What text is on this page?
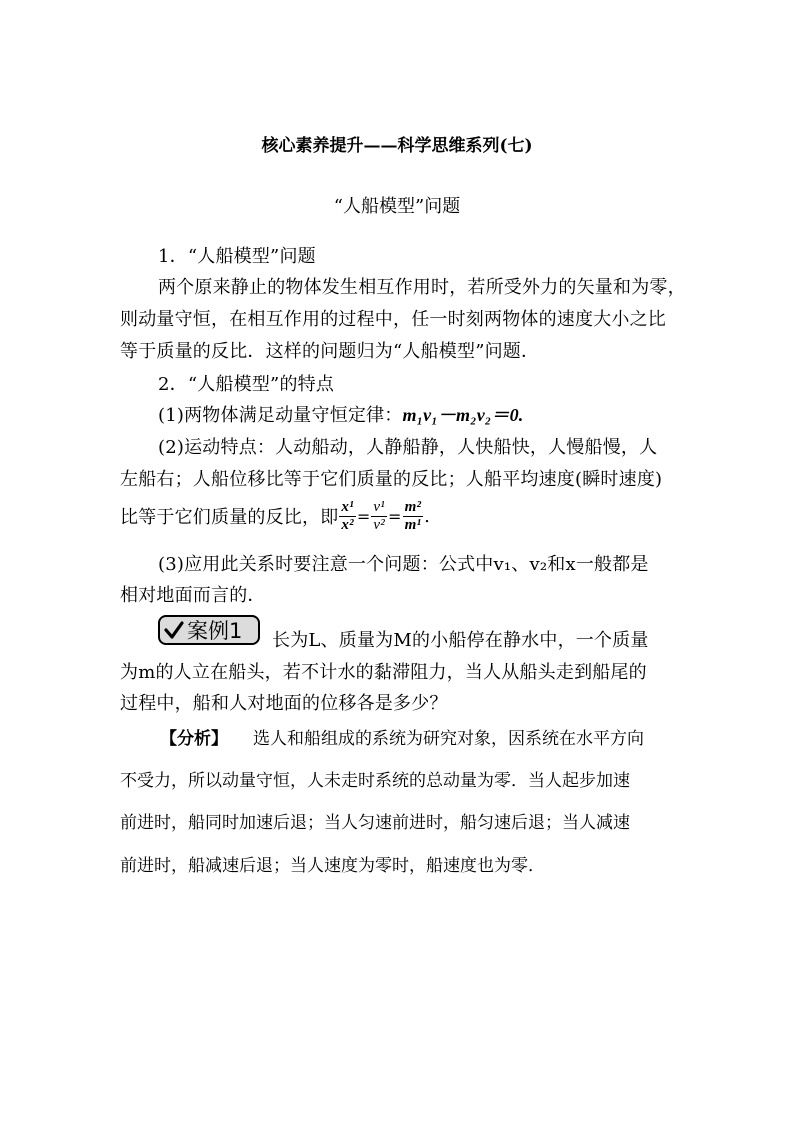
核心素养提升——科学思维系列(七)
“人船模型”问题
1．“人船模型”问题
两个原来静止的物体发生相互作用时，若所受外力的矢量和为零，
则动量守恒，在相互作用的过程中，任一时刻两物体的速度大小之比
等于质量的反比．这样的问题归为“人船模型”问题．
2．“人船模型”的特点
(1)两物体满足动量守恒定律：m₁v₁－m₂v₂＝0.
(2)运动特点：人动船动，人静船静，人快船快，人慢船慢，人
左船右；人船位移比等于它们质量的反比；人船平均速度(瞬时速度)
比等于它们质量的反比，即 $\frac{\text{x¹}}{\text{x²}} = \frac{\text{v¹}}{\text{v²}} = \frac{\text{m²}}{\text{m¹}}$ .
(3)应用此关系时要注意一个问题：公式中v₁、v₂和x一般都是
相对地面而言的．
案例1 长为L、质量为M的小船停在静水中，一个质量
为m的人立在船头，若不计水的黏滞阻力，当人从船头走到船尾的
过程中，船和人对地面的位移各是多少？
【分析】 选人和船组成的系统为研究对象，因系统在水平方向
不受力，所以动量守恒，人未走时系统的总动量为零．当人起步加速
前进时，船同时加速后退；当人匀速前进时，船匀速后退；当人减速
前进时，船减速后退；当人速度为零时，船速度也为零．
